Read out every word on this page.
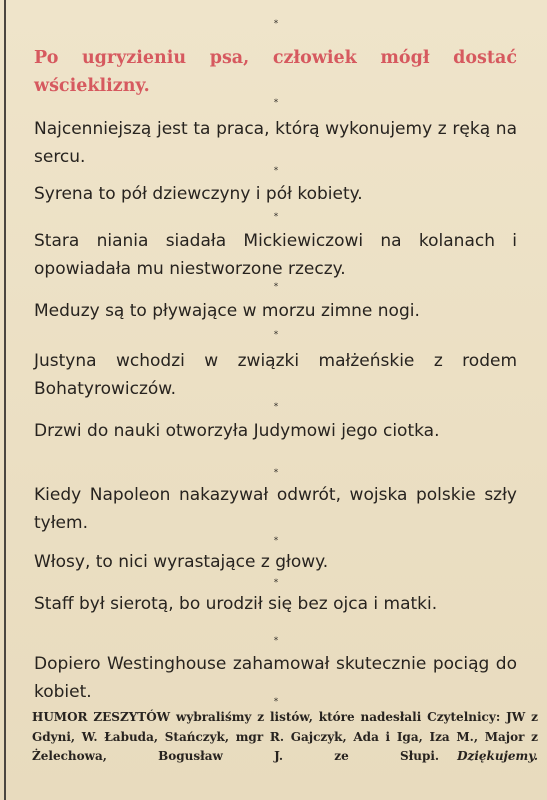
*

Po ugryzieniu psa, człowiek mógł dostać wścieklizny.

*

Najcenniejszą jest ta praca, którą wykonujemy z ręką na sercu.

*

Syrena to pół dziewczyny i pół kobiety.

*

Stara niania siadała Mickiewiczowi na kolanach i opowiadała mu niestworzone rzeczy.

*

Meduzy są to pływające w morzu zimne nogi.

*

Justyna wchodzi w związki małżeńskie z rodem Bohatyrowiczów.

*

Drzwi do nauki otworzyła Judymowi jego ciotka.

*

Kiedy Napoleon nakazywał odwrót, wojska polskie szły tyłem.

*

Włosy, to nici wyrastające z głowy.

*

Staff był sierotą, bo urodził się bez ojca i matki.

*

Dopiero Westinghouse zahamował skutecznie pociąg do kobiet.	*

HUMOR ZESZYTÓW wybraliśmy z listów, które nadesłali Czytelnicy: JW z Gdyni, W. Łabuda, Stańczyk, mgr R. Gajczyk, Ada i Iga, Iza M., Major z Żelechowa, Bogusław J. ze Słupi. Dziękujemy.
